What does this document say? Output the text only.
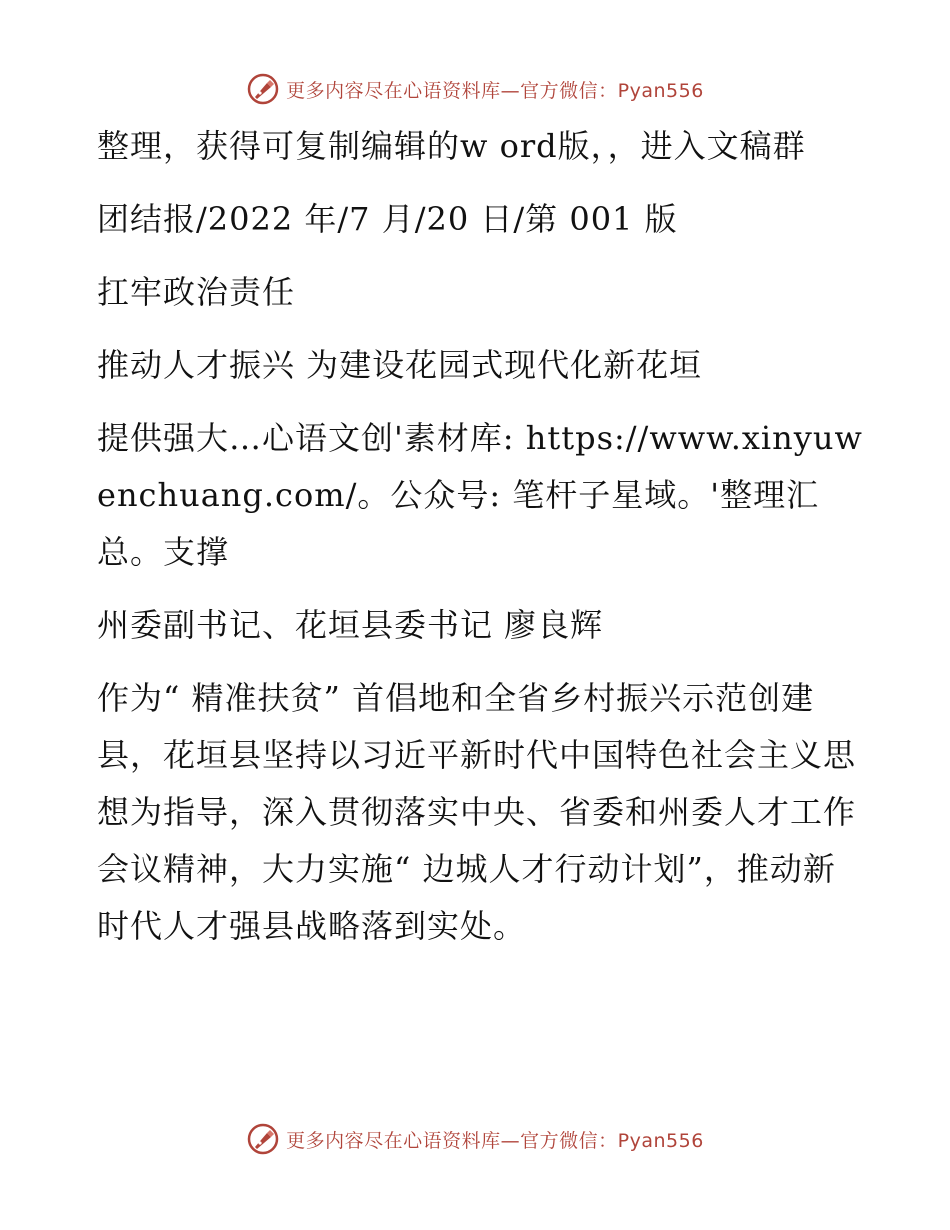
更多内容尽在心语资料库—官方微信：Pyan556

整理，获得可复制编辑的w ord版，，进入文稿群

团结报/2022 年/7 月/20 日/第 001 版

扛牢政治责任

推动人才振兴 为建设花园式现代化新花垣

提供强大…心语文创'素材库: https://www.xinyuwenchuang.com/。公众号: 笔杆子星域。'整理汇总。支撑

州委副书记、花垣县委书记 廖良辉

作为“ 精准扶贫” 首倡地和全省乡村振兴示范创建县，花垣县坚持以习近平新时代中国特色社会主义思想为指导，深入贯彻落实中央、省委和州委人才工作会议精神，大力实施“ 边城人才行动计划”，推动新时代人才强县战略落到实处。

更多内容尽在心语资料库—官方微信：Pyan556
